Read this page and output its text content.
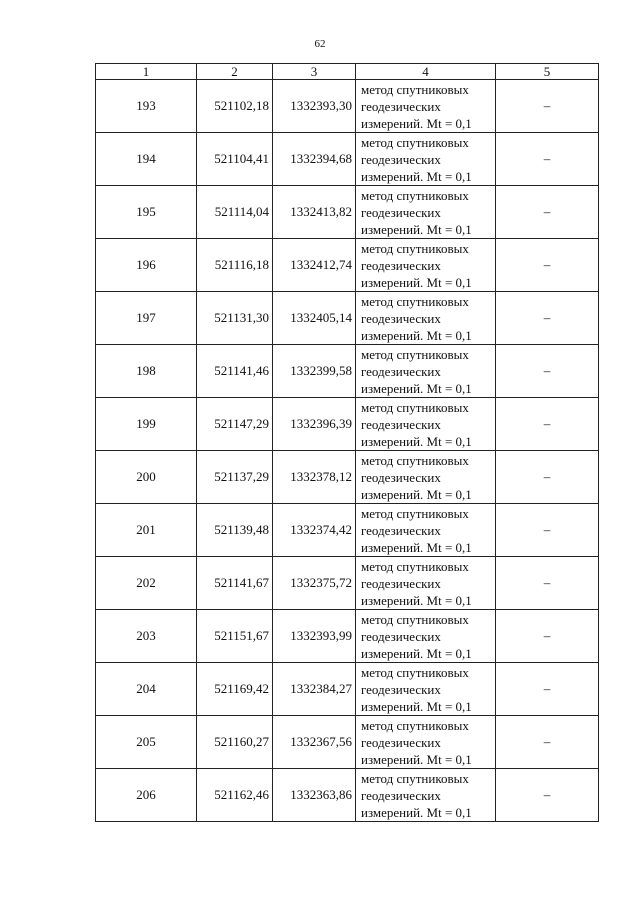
62
1	2	3	4	5
193	521102,18	1332393,30	метод спутниковых
геодезических
измерений. Mt = 0,1	–
194	521104,41	1332394,68	метод спутниковых
геодезических
измерений. Mt = 0,1	–
195	521114,04	1332413,82	метод спутниковых
геодезических
измерений. Mt = 0,1	–
196	521116,18	1332412,74	метод спутниковых
геодезических
измерений. Mt = 0,1	–
197	521131,30	1332405,14	метод спутниковых
геодезических
измерений. Mt = 0,1	–
198	521141,46	1332399,58	метод спутниковых
геодезических
измерений. Mt = 0,1	–
199	521147,29	1332396,39	метод спутниковых
геодезических
измерений. Mt = 0,1	–
200	521137,29	1332378,12	метод спутниковых
геодезических
измерений. Mt = 0,1	–
201	521139,48	1332374,42	метод спутниковых
геодезических
измерений. Mt = 0,1	–
202	521141,67	1332375,72	метод спутниковых
геодезических
измерений. Mt = 0,1	–
203	521151,67	1332393,99	метод спутниковых
геодезических
измерений. Mt = 0,1	–
204	521169,42	1332384,27	метод спутниковых
геодезических
измерений. Mt = 0,1	–
205	521160,27	1332367,56	метод спутниковых
геодезических
измерений. Mt = 0,1	–
206	521162,46	1332363,86	метод спутниковых
геодезических
измерений. Mt = 0,1	–
